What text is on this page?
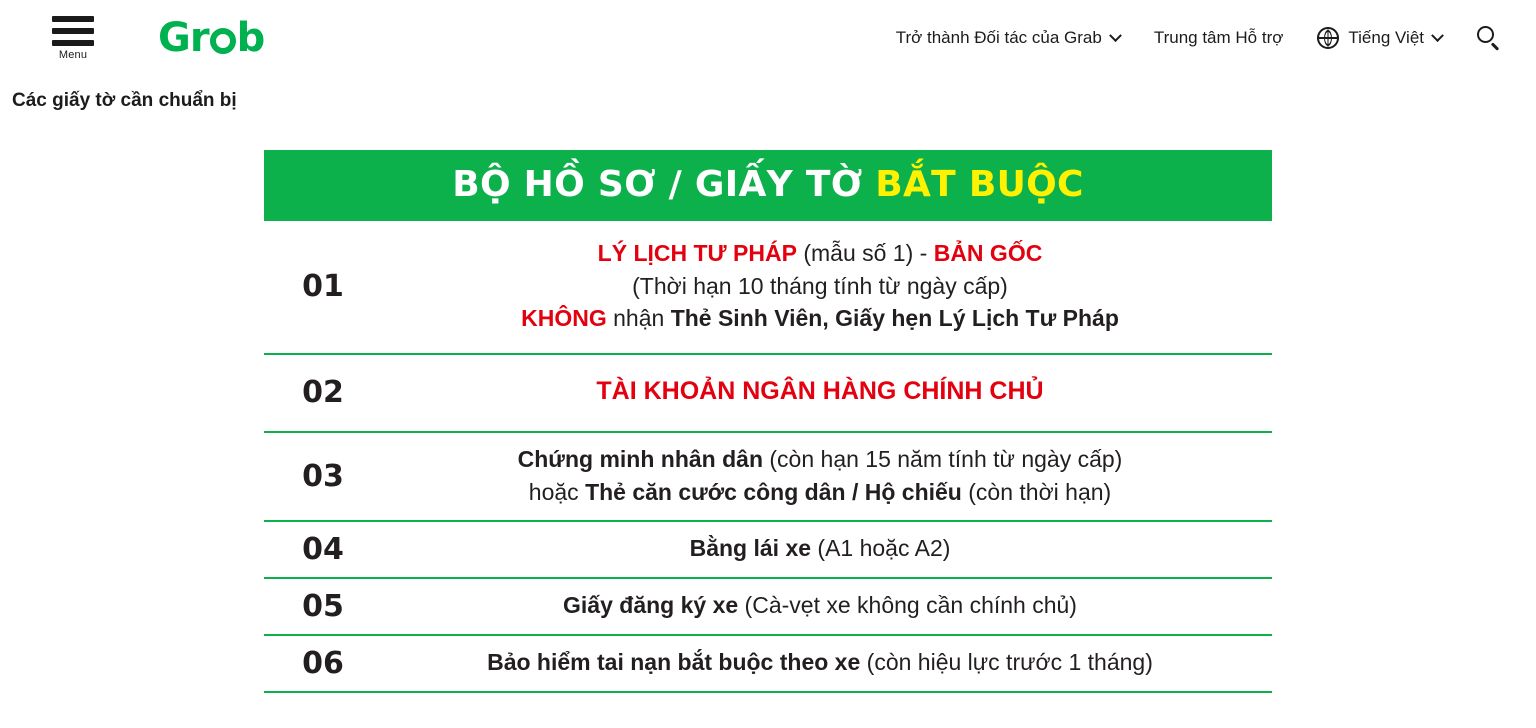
Menu Gr b	Trở thành Đối tác của Grab	Trung tâm Hỗ trợ	Tiếng Việt
Các giấy tờ cần chuẩn bị
BỘ HỒ SƠ / GIẤY TỜ BẮT BUỘC
01
LÝ LỊCH TƯ PHÁP (mẫu số 1) - BẢN GỐC
(Thời hạn 10 tháng tính từ ngày cấp)
KHÔNG nhận Thẻ Sinh Viên, Giấy hẹn Lý Lịch Tư Pháp
02	TÀI KHOẢN NGÂN HÀNG CHÍNH CHỦ
03
Chứng minh nhân dân (còn hạn 15 năm tính từ ngày cấp)
hoặc Thẻ căn cước công dân / Hộ chiếu (còn thời hạn)
04	Bằng lái xe (A1 hoặc A2)
05	Giấy đăng ký xe (Cà-vẹt xe không cần chính chủ)
06	Bảo hiểm tai nạn bắt buộc theo xe (còn hiệu lực trước 1 tháng)
